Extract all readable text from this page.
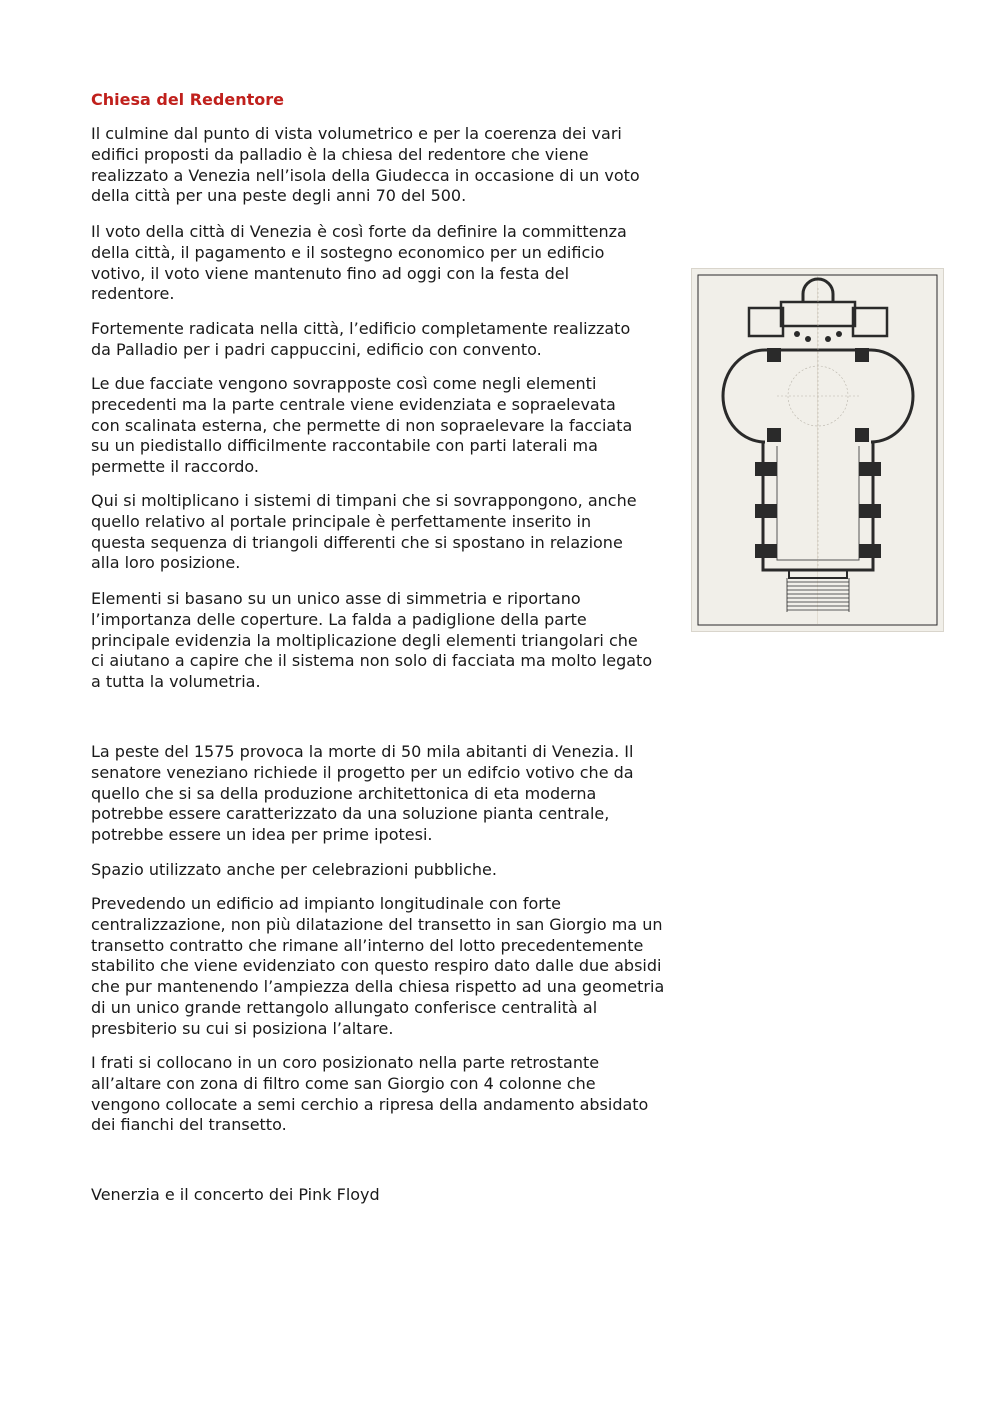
Chiesa del Redentore

Il culmine dal punto di vista volumetrico e per la coerenza dei vari
edifici proposti da palladio è la chiesa del redentore che viene
realizzato a Venezia nell’isola della Giudecca in occasione di un voto
della città per una peste degli anni 70 del 500.

Il voto della città di Venezia è così forte da definire la committenza
della città, il pagamento e il sostegno economico per un edificio
votivo, il voto viene mantenuto fino ad oggi con la festa del
redentore.

Fortemente radicata nella città, l’edificio completamente realizzato
da Palladio per i padri cappuccini, edificio con convento.

Le due facciate vengono sovrapposte così come negli elementi
precedenti ma la parte centrale viene evidenziata e sopraelevata
con scalinata esterna, che permette di non sopraelevare la facciata
su un piedistallo difficilmente raccontabile con parti laterali ma
permette il raccordo.

Qui si moltiplicano i sistemi di timpani che si sovrappongono, anche
quello relativo al portale principale è perfettamente inserito in
questa sequenza di triangoli differenti che si spostano in relazione
alla loro posizione.

Elementi si basano su un unico asse di simmetria e riportano
l’importanza delle coperture. La falda a padiglione della parte
principale evidenzia la moltiplicazione degli elementi triangolari che
ci aiutano a capire che il sistema non solo di facciata ma molto legato
a tutta la volumetria.

La peste del 1575 provoca la morte di 50 mila abitanti di Venezia. Il
senatore veneziano richiede il progetto per un edifcio votivo che da
quello che si sa della produzione architettonica di eta moderna
potrebbe essere caratterizzato da una soluzione pianta centrale,
potrebbe essere un idea per prime ipotesi.

Spazio utilizzato anche per celebrazioni pubbliche.

Prevedendo un edificio ad impianto longitudinale con forte
centralizzazione, non più dilatazione del transetto in san Giorgio ma un
transetto contratto che rimane all’interno del lotto precedentemente
stabilito che viene evidenziato con questo respiro dato dalle due absidi
che pur mantenendo l’ampiezza della chiesa rispetto ad una geometria
di un unico grande rettangolo allungato conferisce centralità al
presbiterio su cui si posiziona l’altare.

I frati si collocano in un coro posizionato nella parte retrostante
all’altare con zona di filtro come san Giorgio con 4 colonne che
vengono collocate a semi cerchio a ripresa della andamento absidato
dei fianchi del transetto.

Venerzia e il concerto dei Pink Floyd
